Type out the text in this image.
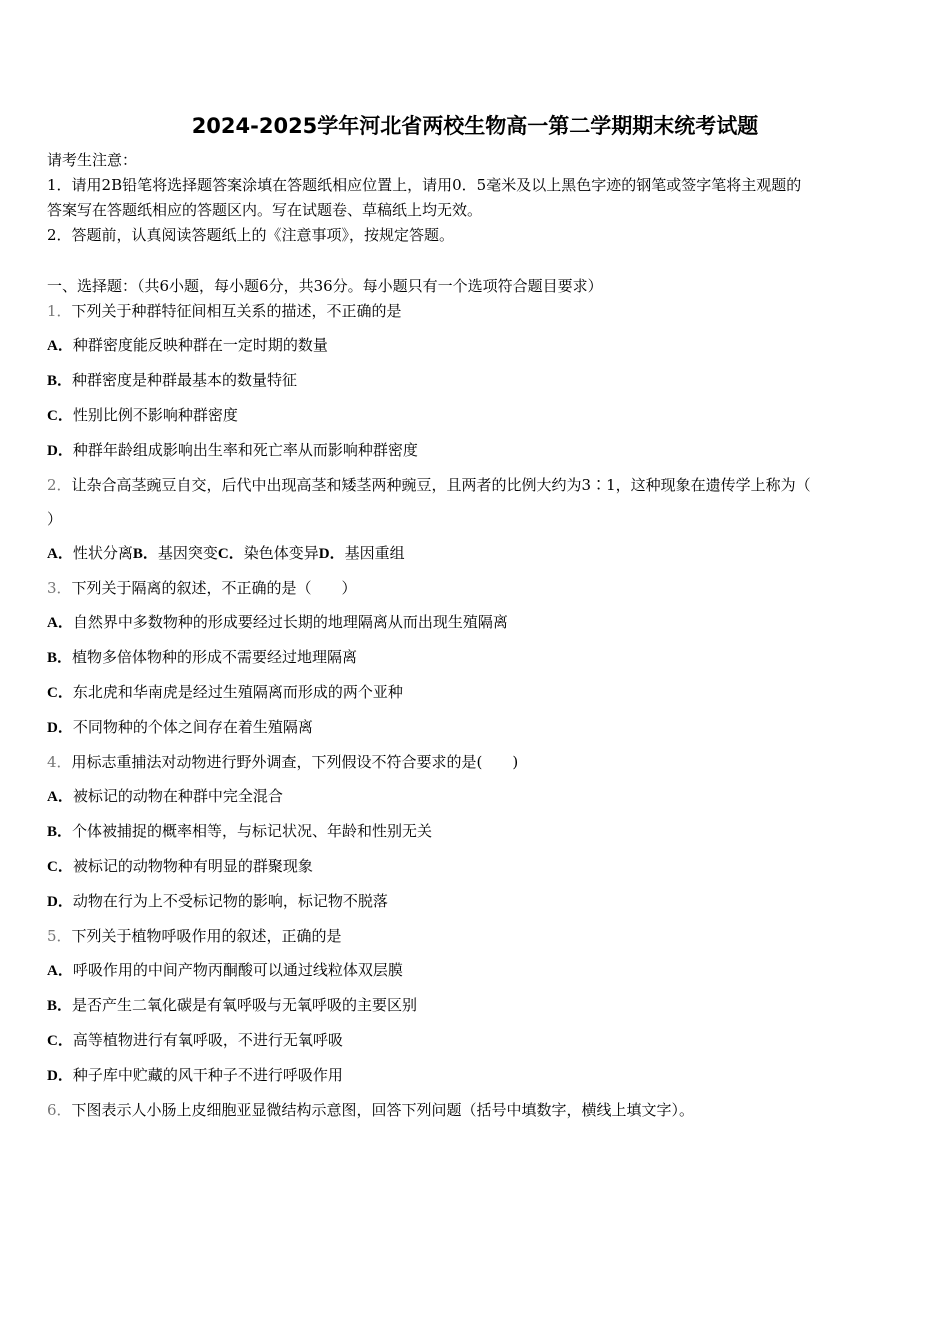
2024-2025学年河北省两校生物高一第二学期期末统考试题
请考生注意：
1．请用2B铅笔将选择题答案涂填在答题纸相应位置上，请用0．5毫米及以上黑色字迹的钢笔或签字笔将主观题的
答案写在答题纸相应的答题区内。写在试题卷、草稿纸上均无效。
2．答题前，认真阅读答题纸上的《注意事项》，按规定答题。
一、选择题：（共6小题，每小题6分，共36分。每小题只有一个选项符合题目要求）
1．下列关于种群特征间相互关系的描述，不正确的是
A．种群密度能反映种群在一定时期的数量
B．种群密度是种群最基本的数量特征
C．性别比例不影响种群密度
D．种群年龄组成影响出生率和死亡率从而影响种群密度
2．让杂合高茎豌豆自交，后代中出现高茎和矮茎两种豌豆，且两者的比例大约为3∶1，这种现象在遗传学上称为（
）
A．性状分离B．基因突变C．染色体变异D．基因重组
3．下列关于隔离的叙述，不正确的是（　　）
A．自然界中多数物种的形成要经过长期的地理隔离从而出现生殖隔离
B．植物多倍体物种的形成不需要经过地理隔离
C．东北虎和华南虎是经过生殖隔离而形成的两个亚种
D．不同物种的个体之间存在着生殖隔离
4．用标志重捕法对动物进行野外调查，下列假设不符合要求的是(　　)
A．被标记的动物在种群中完全混合
B．个体被捕捉的概率相等，与标记状况、年龄和性别无关
C．被标记的动物物种有明显的群聚现象
D．动物在行为上不受标记物的影响，标记物不脱落
5．下列关于植物呼吸作用的叙述，正确的是
A．呼吸作用的中间产物丙酮酸可以通过线粒体双层膜
B．是否产生二氧化碳是有氧呼吸与无氧呼吸的主要区别
C．高等植物进行有氧呼吸，不进行无氧呼吸
D．种子库中贮藏的风干种子不进行呼吸作用
6．下图表示人小肠上皮细胞亚显微结构示意图，回答下列问题（括号中填数字，横线上填文字）。
